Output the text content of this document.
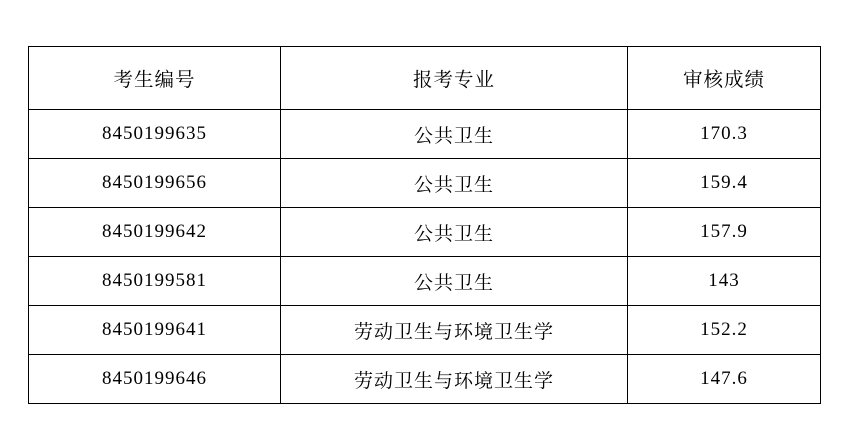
考生编号	报考专业	审核成绩
8450199635	公共卫生	170.3
8450199656	公共卫生	159.4
8450199642	公共卫生	157.9
8450199581	公共卫生	143
8450199641	劳动卫生与环境卫生学	152.2
8450199646	劳动卫生与环境卫生学	147.6
